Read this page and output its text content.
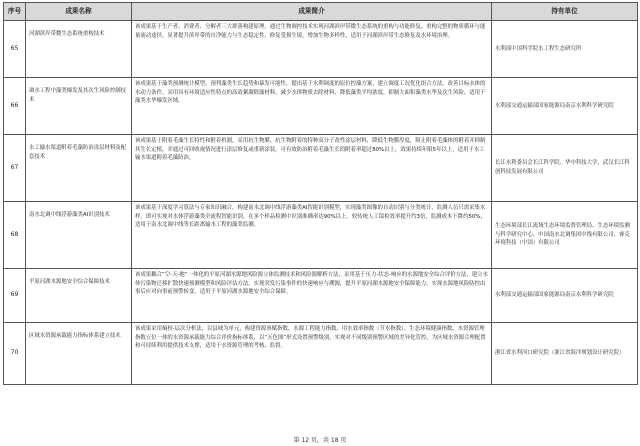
序号	成果名称	成果简介	持有单位
65	河湖滨岸带微生态系统重构技术	该成果基于生产者、消费者、分解者三大群落构建原理，通过生物调控技术实现河湖滨岸带微生态系统的重构与功能修复，重构完整的物质循环与能量流动途径，显著提升滨岸带的自净能力与生态稳定性，修复受损生境，增加生物多样性，适用于河湖滨岸带生态修复及水环境治理。	水利部中国科学院水工程生态研究所
66	调水工程中藻类爆发及其次生风险控制技术	该成果基于藻类预测统计模型，预判藻类生长趋势和暴发可能性，提出基于水利调度的原位控藻方案，建立调度工况优化组合方法，改善目标水体的水动力条件，采用具有环境适应性特点的高效絮凝除藻材料，减少水体物质去除材料，降低藻类平均浓度，抑制大面积藻类水华及次生风险，适用于藻类水华爆发区域。	水利部交通运输部国家能源局南京水利科学研究院
67	水工输水渠道附着毛藻防治涂层材料及配套技术	该成果基于附着毛藻生长特性和附着机制，采用抗生物膜、抗生物附着的特种高分子改性涂层材料，降低生物膜厚度，阻止附着毛藻体的附着并抑制其生长定植，并通过可回收视情况进行涂层修复或重新涂装，可有效防治附着毛藻生长的附着率超过80%以上，效果持续年限5年以上，适用于水工输水渠道附着毛藻防治。	长江水利委员会长江科学院、华中科技大学、武汉长江科创科技发展有限公司
68	南水北调中线浮游藻类AI识别技术	该成果基于深度学习算法与专家知识融合，构建南水北调中线浮游藻类AI智能识别模型，实现藻类图像的自动识别与分类统计，监测人员只需采集水样，即可实现对水体浮游藻类全流程智能识别。在多个样品检测中识别准确率达90%以上，较传统人工镜检效率提升约3倍，监测成本下降约50%，适用于南水北调中线等长距离输水工程的藻类监测。	生态环境部长江流域生态环境监督管理局、生态环境监测与科学研究中心、中国南水北调集团中线有限公司、睿克环境科技（中国）有限公司
69	平原河湖水源地安全综合保障技术	该成果耦合“空-天-地”一体化的平原河湖水源地风险源立体监测技术和风险源解析方法，采用基于压力-状态-响应的水源地安全综合评价方法，建立水体污染物迁移扩散快速预测模型和风险评估方法，实现突发污染事件的快速响应与溯源，提升平原河湖水源地安全保障能力，实现水源地风险防控由事后应对向事前预警转变，适用于平原河湖水源地安全综合保障。	水利部交通运输部国家能源局南京水利科学研究院
70	区域水资源承载能力指标体系建立技术	该成果采用熵权-层次分析法，以县域为单元，构建资源禀赋指数、水源工程能力指数、用水效率指数（节水指数）、生态环境健康指数、水资源管理指数五位一体的水资源承载能力综合评价指标体系，以“五色图”形式设置预警级别，实现对不同级别预警区域的差异化管控，为区域水资源合理配置和可持续利用提供技术支撑，适用于水资源管理的考核、监督。	浙江省水利河口研究院（浙江省海洋规划设计研究院）
第 12 页，共 18 页
